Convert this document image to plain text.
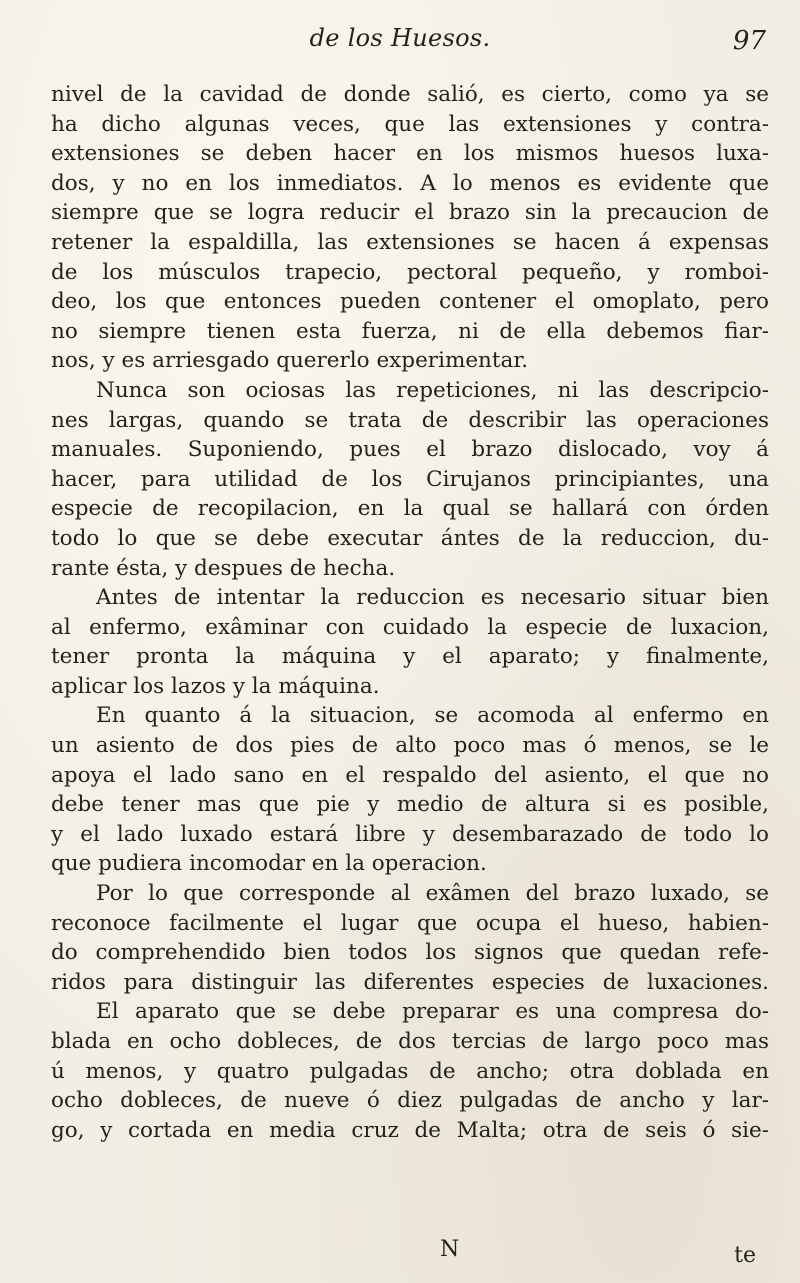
de los Huesos.	97
nivel de la cavidad de donde salió, es cierto, como ya se
ha dicho algunas veces, que las extensiones y contra-
extensiones se deben hacer en los mismos huesos luxa-
dos, y no en los inmediatos. A lo menos es evidente que
siempre que se logra reducir el brazo sin la precaucion de
retener la espaldilla, las extensiones se hacen á expensas
de los músculos trapecio, pectoral pequeño, y romboi-
deo, los que entonces pueden contener el omoplato, pero
no siempre tienen esta fuerza, ni de ella debemos fiar-
nos, y es arriesgado quererlo experimentar.
Nunca son ociosas las repeticiones, ni las descripcio-
nes largas, quando se trata de describir las operaciones
manuales. Suponiendo, pues el brazo dislocado, voy á
hacer, para utilidad de los Cirujanos principiantes, una
especie de recopilacion, en la qual se hallará con órden
todo lo que se debe executar ántes de la reduccion, du-
rante ésta, y despues de hecha.
Antes de intentar la reduccion es necesario situar bien
al enfermo, exâminar con cuidado la especie de luxacion,
tener pronta la máquina y el aparato; y finalmente,
aplicar los lazos y la máquina.
En quanto á la situacion, se acomoda al enfermo en
un asiento de dos pies de alto poco mas ó menos, se le
apoya el lado sano en el respaldo del asiento, el que no
debe tener mas que pie y medio de altura si es posible,
y el lado luxado estará libre y desembarazado de todo lo
que pudiera incomodar en la operacion.
Por lo que corresponde al exâmen del brazo luxado, se
reconoce facilmente el lugar que ocupa el hueso, habien-
do comprehendido bien todos los signos que quedan refe-
ridos para distinguir las diferentes especies de luxaciones.
El aparato que se debe preparar es una compresa do-
blada en ocho dobleces, de dos tercias de largo poco mas
ú menos, y quatro pulgadas de ancho; otra doblada en
ocho dobleces, de nueve ó diez pulgadas de ancho y lar-
go, y cortada en media cruz de Malta; otra de seis ó sie-
N	te
